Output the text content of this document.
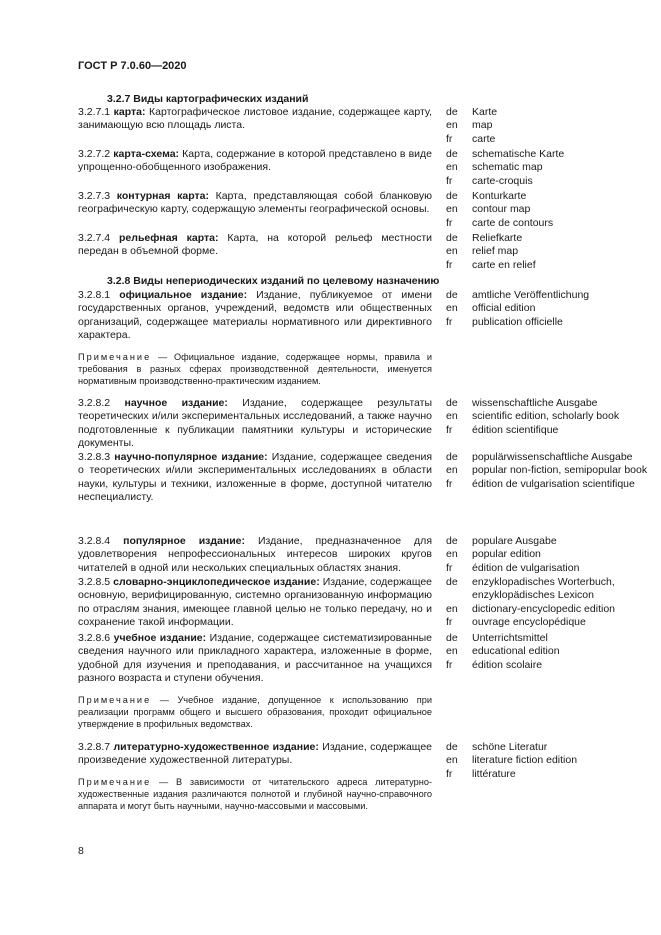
ГОСТ Р 7.0.60—2020
3.2.7 Виды картографических изданий
3.2.7.1 карта: Картографическое листовое издание, содержащее карту, занимающую всю площадь листа.
de	Karte
en	map
fr	carte
3.2.7.2 карта-схема: Карта, содержание в которой представлено в виде упрощенно-обобщенного изображения.
de	schematische Karte
en	schematic map
fr	carte-croquis
3.2.7.3 контурная карта: Карта, представляющая собой бланковую географическую карту, содержащую элементы географической основы.
de	Konturkarte
en	contour map
fr	carte de contours
3.2.7.4 рельефная карта: Карта, на которой рельеф местности передан в объемной форме.
de	Reliefkarte
en	relief map
fr	carte en relief
3.2.8 Виды непериодических изданий по целевому назначению
3.2.8.1 официальное издание: Издание, публикуемое от имени государственных органов, учреждений, ведомств или общественных организаций, содержащее материалы нормативного или директивного характера.
de	amtliche Veröffentlichung
en	official edition
fr	publication officielle
Примечание — Официальное издание, содержащее нормы, правила и требования в разных сферах производственной деятельности, именуется нормативным производственно-практическим изданием.
3.2.8.2 научное издание: Издание, содержащее результаты теоретических и/или экспериментальных исследований, а также научно подготовленные к публикации памятники культуры и исторические документы.
de	wissenschaftliche Ausgabe
en	scientific edition, scholarly book
fr	édition scientifique
3.2.8.3 научно-популярное издание: Издание, содержащее сведения о теоретических и/или экспериментальных исследованиях в области науки, культуры и техники, изложенные в форме, доступной читателю неспециалисту.
de	populärwissenschaftliche Ausgabe
en	popular non-fiction, semipopular book
fr	édition de vulgarisation scientifique
3.2.8.4 популярное издание: Издание, предназначенное для удовлетворения непрофессиональных интересов широких кругов читателей в одной или нескольких специальных областях знания.
de	populare Ausgabe
en	popular edition
fr	édition de vulgarisation
3.2.8.5 словарно-энциклопедическое издание: Издание, содержащее основную, верифицированную, системно организованную информацию по отраслям знания, имеющее главной целью не только передачу, но и сохранение такой информации.
de	enzyklopadisches Worterbuch, enzyklopädisches Lexicon
en	dictionary-encyclopedic edition
fr	ouvrage encyclopédique
3.2.8.6 учебное издание: Издание, содержащее систематизированные сведения научного или прикладного характера, изложенные в форме, удобной для изучения и преподавания, и рассчитанное на учащихся разного возраста и ступени обучения.
de	Unterrichtsmittel
en	educational edition
fr	édition scolaire
Примечание — Учебное издание, допущенное к использованию при реализации программ общего и высшего образования, проходит официальное утверждение в профильных ведомствах.
3.2.8.7 литературно-художественное издание: Издание, содержащее произведение художественной литературы.
de	schöne Literatur
en	literature fiction edition
fr	littérature
Примечание — В зависимости от читательского адреса литературно-художественные издания различаются полнотой и глубиной научно-справочного аппарата и могут быть научными, научно-массовыми и массовыми.
8
